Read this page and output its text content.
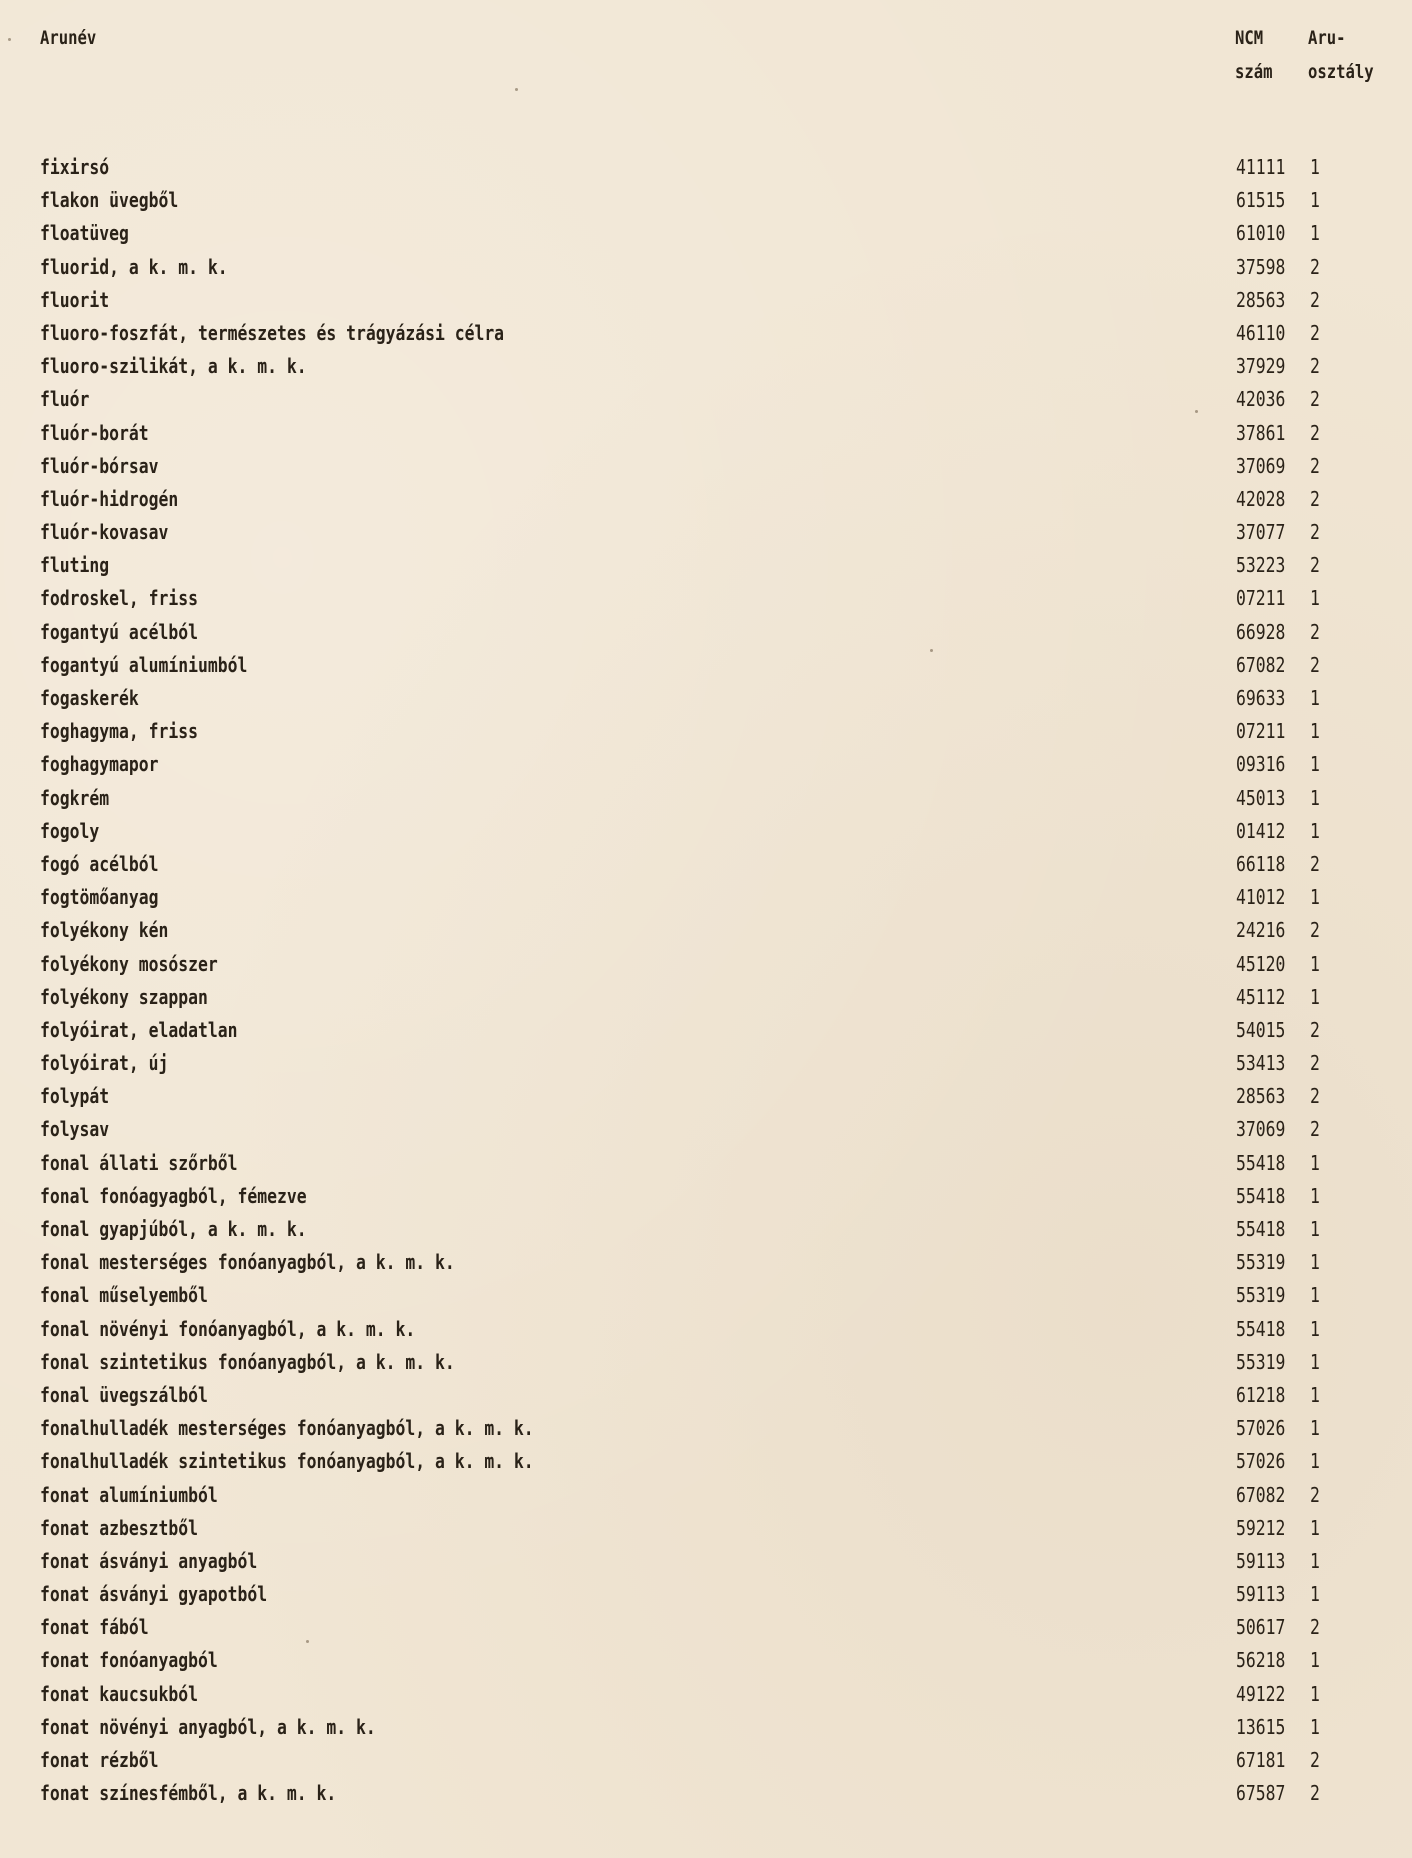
Arunév	NCM
szám
Aru-
osztály
fixirsó	41111 1
flakon üvegből	61515 1
floatüveg	61010 1
fluorid, a k. m. k.	37598 2
fluorit	28563 2
fluoro-foszfát, természetes és trágyázási célra	46110 2
fluoro-szilikát, a k. m. k.	37929 2
fluór	42036 2
fluór-borát	37861 2
fluór-bórsav	37069 2
fluór-hidrogén	42028 2
fluór-kovasav	37077 2
fluting	53223 2
fodroskel, friss	07211 1
fogantyú acélból	66928 2
fogantyú alumíniumból	67082 2
fogaskerék	69633 1
foghagyma, friss	07211 1
foghagymapor	09316 1
fogkrém	45013 1
fogoly	01412 1
fogó acélból	66118 2
fogtömőanyag	41012 1
folyékony kén	24216 2
folyékony mosószer	45120 1
folyékony szappan	45112 1
folyóirat, eladatlan	54015 2
folyóirat, új	53413 2
folypát	28563 2
folysav	37069 2
fonal állati szőrből	55418 1
fonal fonóagyagból, fémezve	55418 1
fonal gyapjúból, a k. m. k.	55418 1
fonal mesterséges fonóanyagból, a k. m. k.	55319 1
fonal műselyemből	55319 1
fonal növényi fonóanyagból, a k. m. k.	55418 1
fonal szintetikus fonóanyagból, a k. m. k.	55319 1
fonal üvegszálból	61218 1
fonalhulladék mesterséges fonóanyagból, a k. m. k.	57026 1
fonalhulladék szintetikus fonóanyagból, a k. m. k.	57026 1
fonat alumíniumból	67082 2
fonat azbesztből	59212 1
fonat ásványi anyagból	59113 1
fonat ásványi gyapotból	59113 1
fonat fából	50617 2
fonat fonóanyagból	56218 1
fonat kaucsukból	49122 1
fonat növényi anyagból, a k. m. k.	13615 1
fonat rézből	67181 2
fonat színesfémből, a k. m. k.	67587 2
